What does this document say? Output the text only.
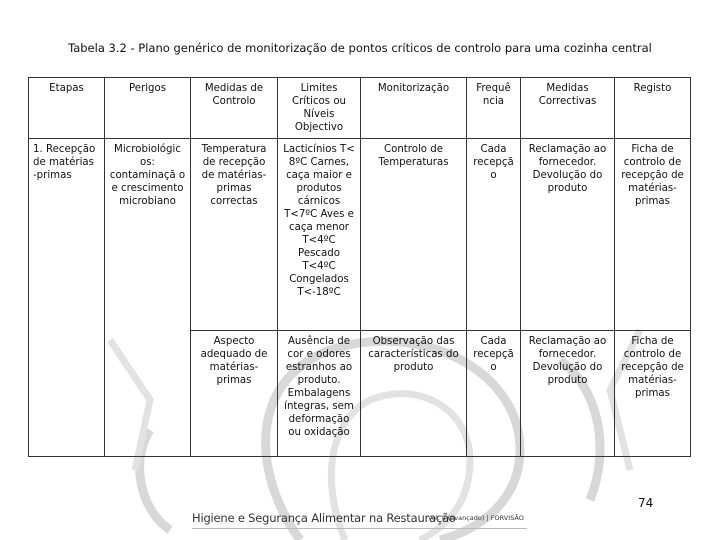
Tabela 3.2 - Plano genérico de monitorização de pontos críticos de controlo para uma cozinha central
Etapas	Perigos	Medidas de Controlo	Limites Críticos ou Níveis Objectivo	Monitorização	Frequê ncia	Medidas Correctivas	Registo
1. Recepção de matérias -primas	Microbiológic os: contaminaçã o e crescimento microbiano	Temperatura de recepção de matérias-primas correctas	Lacticínios T< 8ºC Carnes, caça maior e produtos cárnicos T<7ºC Aves e caça menor T<4ºC Pescado T<4ºC Congelados T<-18ºC	Controlo de Temperaturas	Cada recepçã o	Reclamação ao fornecedor. Devolução do produto	Ficha de controlo de recepção de matérias-primas
		Aspecto adequado de matérias-primas	Ausência de cor e odores estranhos ao produto. Embalagens íntegras, sem deformação ou oxidação	Observação das características do produto	Cada recepçã o	Reclamação ao fornecedor. Devolução do produto	Ficha de controlo de recepção de matérias-primas
74
Higiene e Segurança Alimentar na Restauração
Vol. II (avançado) | FORVISÃO
